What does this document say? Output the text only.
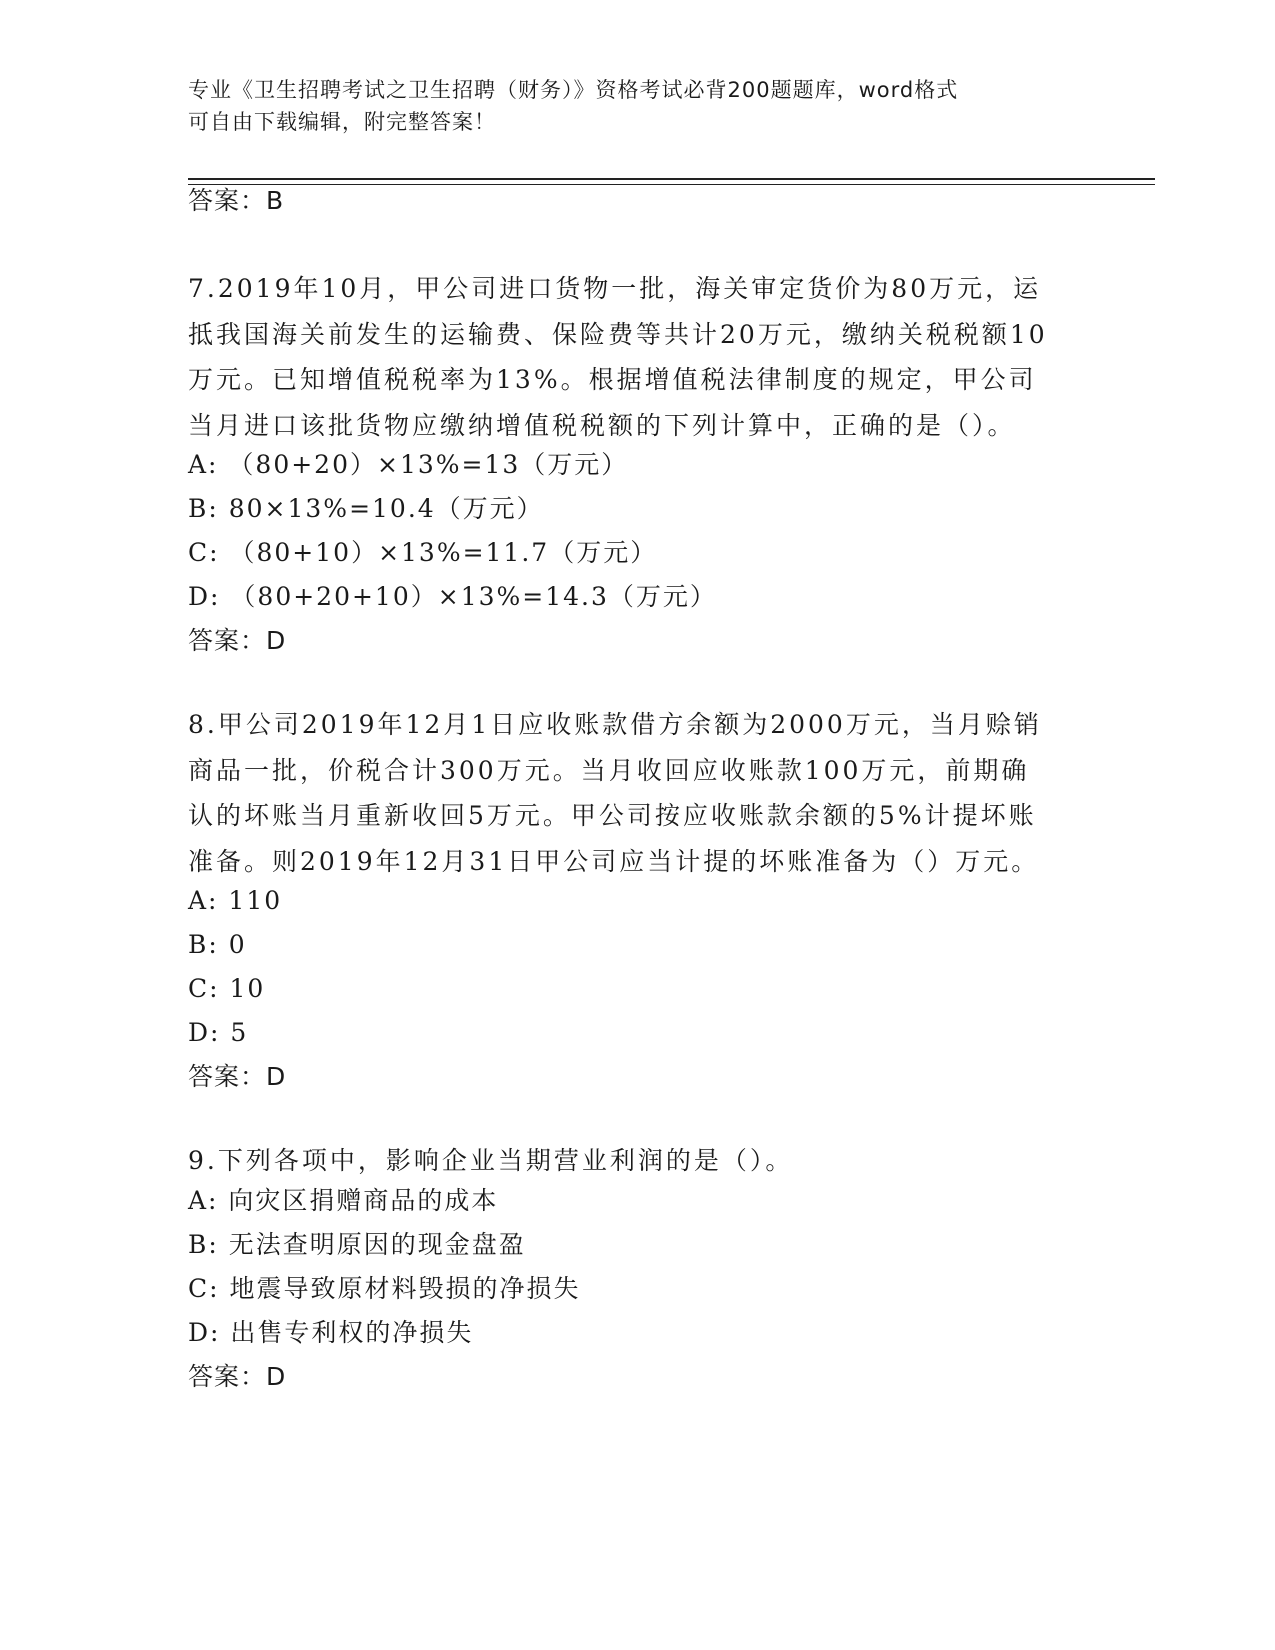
专业《卫生招聘考试之卫生招聘（财务）》资格考试必背200题题库，word格式
可自由下载编辑，附完整答案！
答案：B
7.2019年10月，甲公司进口货物一批，海关审定货价为80万元，运
抵我国海关前发生的运输费、保险费等共计20万元，缴纳关税税额10
万元。已知增值税税率为13%。根据增值税法律制度的规定，甲公司
当月进口该批货物应缴纳增值税税额的下列计算中，正确的是（）。
A: （80+20）×13%=13（万元）
B: 80×13%=10.4（万元）
C: （80+10）×13%=11.7（万元）
D: （80+20+10）×13%=14.3（万元）
答案：D
8.甲公司2019年12月1日应收账款借方余额为2000万元，当月赊销
商品一批，价税合计300万元。当月收回应收账款100万元，前期确
认的坏账当月重新收回5万元。甲公司按应收账款余额的5%计提坏账
准备。则2019年12月31日甲公司应当计提的坏账准备为（）万元。
A: 110
B: 0
C: 10
D: 5
答案：D
9.下列各项中，影响企业当期营业利润的是（）。
A: 向灾区捐赠商品的成本
B: 无法查明原因的现金盘盈
C: 地震导致原材料毁损的净损失
D: 出售专利权的净损失
答案：D
